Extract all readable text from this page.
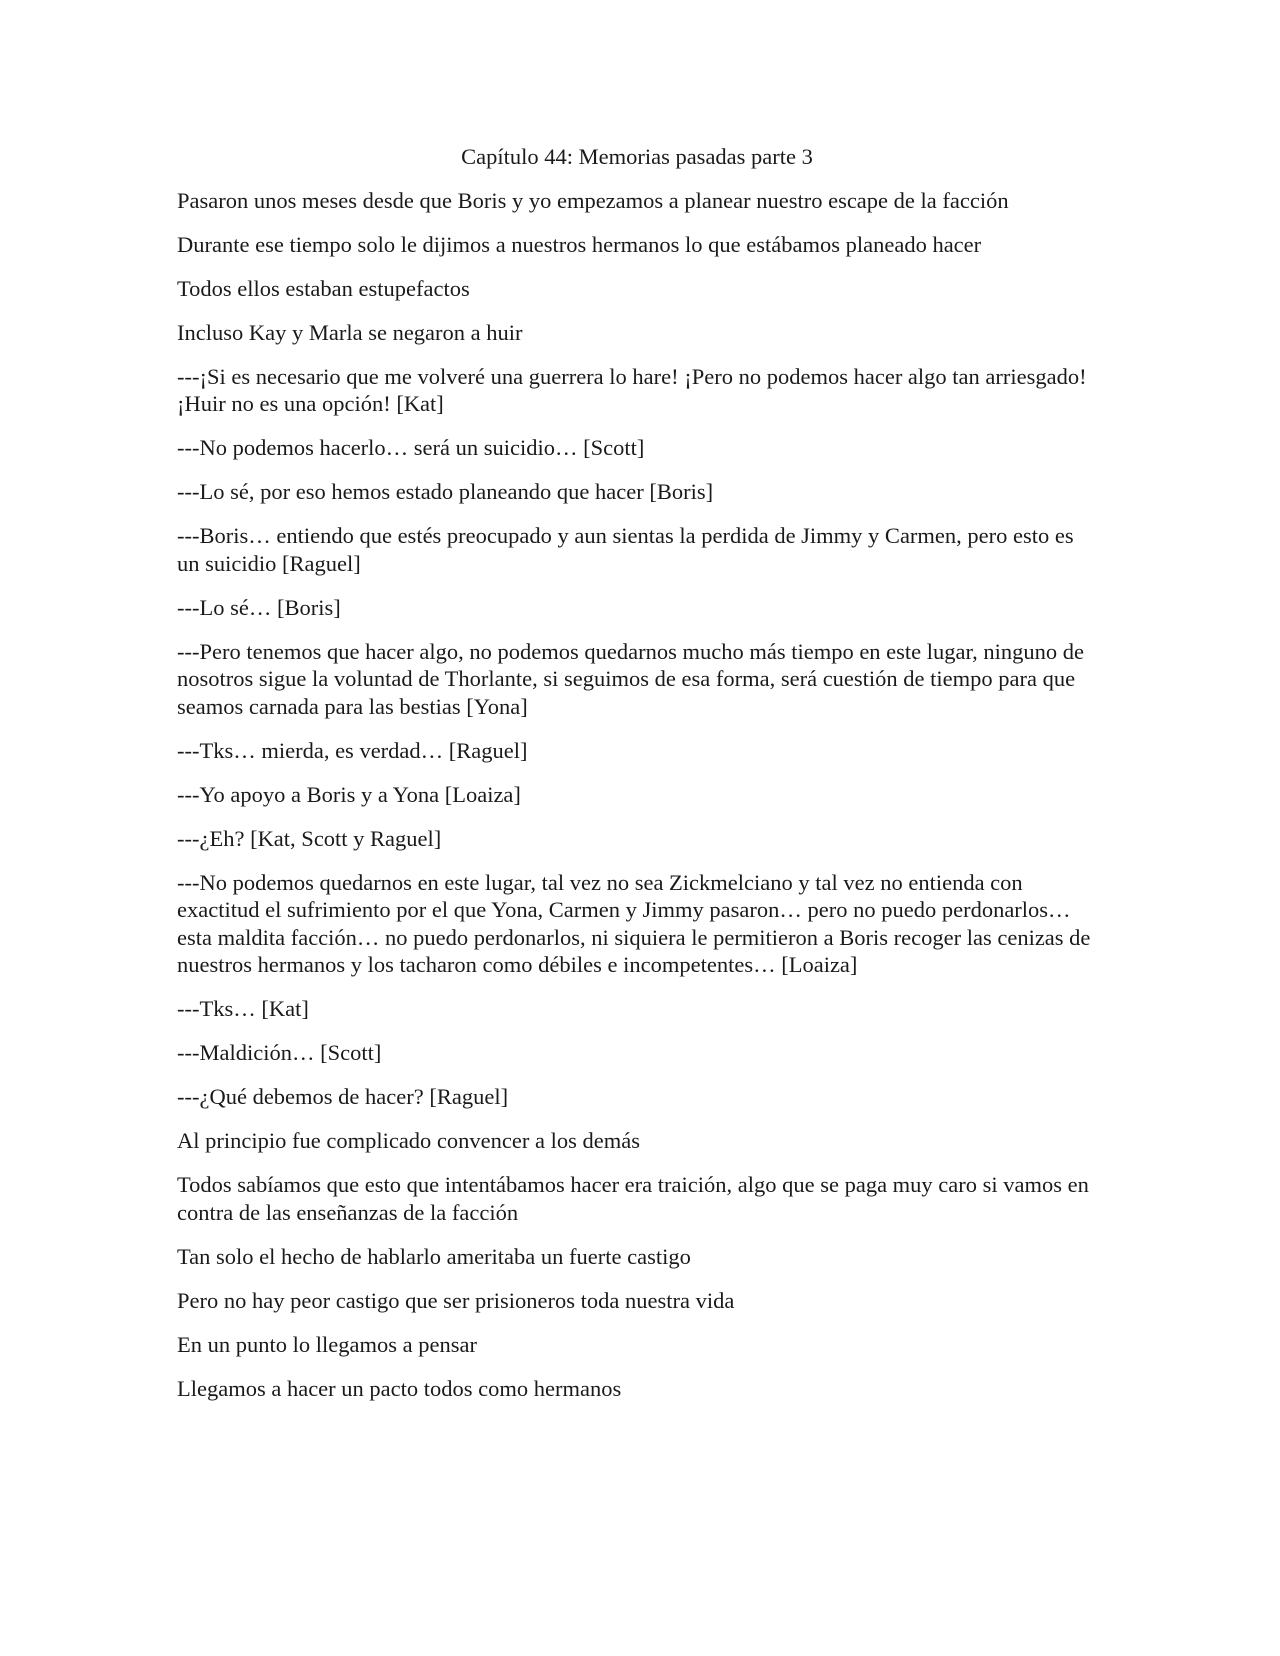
Capítulo 44: Memorias pasadas parte 3

Pasaron unos meses desde que Boris y yo empezamos a planear nuestro escape de la facción

Durante ese tiempo solo le dijimos a nuestros hermanos lo que estábamos planeado hacer

Todos ellos estaban estupefactos

Incluso Kay y Marla se negaron a huir

---¡Si es necesario que me volveré una guerrera lo hare! ¡Pero no podemos hacer algo tan arriesgado! ¡Huir no es una opción! [Kat]

---No podemos hacerlo… será un suicidio… [Scott]

---Lo sé, por eso hemos estado planeando que hacer [Boris]

---Boris… entiendo que estés preocupado y aun sientas la perdida de Jimmy y Carmen, pero esto es un suicidio [Raguel]

---Lo sé… [Boris]

---Pero tenemos que hacer algo, no podemos quedarnos mucho más tiempo en este lugar, ninguno de nosotros sigue la voluntad de Thorlante, si seguimos de esa forma, será cuestión de tiempo para que seamos carnada para las bestias [Yona]

---Tks… mierda, es verdad… [Raguel]

---Yo apoyo a Boris y a Yona [Loaiza]

---¿Eh? [Kat, Scott y Raguel]

---No podemos quedarnos en este lugar, tal vez no sea Zickmelciano y tal vez no entienda con exactitud el sufrimiento por el que Yona, Carmen y Jimmy pasaron… pero no puedo perdonarlos… esta maldita facción… no puedo perdonarlos, ni siquiera le permitieron a Boris recoger las cenizas de nuestros hermanos y los tacharon como débiles e incompetentes… [Loaiza]

---Tks… [Kat]

---Maldición… [Scott]

---¿Qué debemos de hacer? [Raguel]

Al principio fue complicado convencer a los demás

Todos sabíamos que esto que intentábamos hacer era traición, algo que se paga muy caro si vamos en contra de las enseñanzas de la facción

Tan solo el hecho de hablarlo ameritaba un fuerte castigo

Pero no hay peor castigo que ser prisioneros toda nuestra vida

En un punto lo llegamos a pensar

Llegamos a hacer un pacto todos como hermanos
